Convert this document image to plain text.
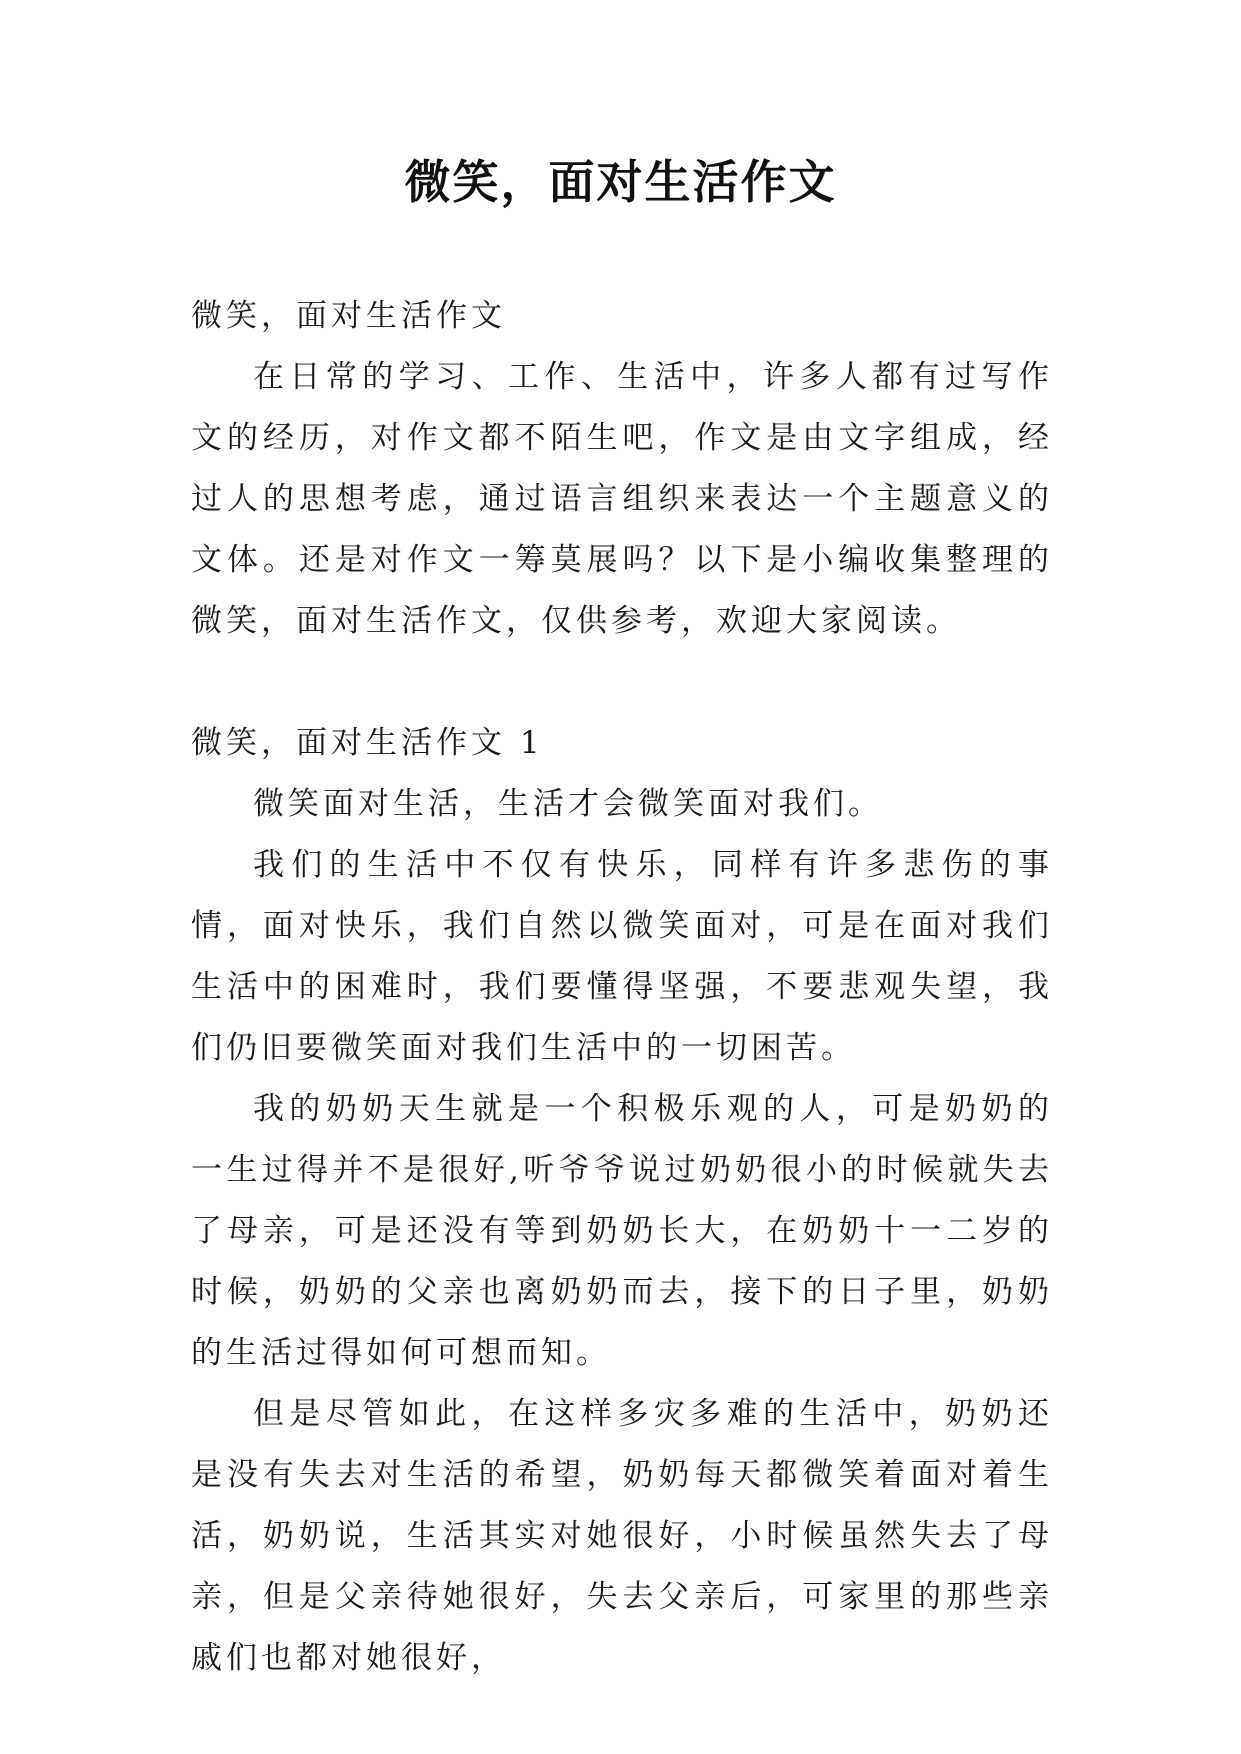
微笑，面对生活作文

微笑，面对生活作文

在日常的学习、工作、生活中，许多人都有过写作文的经历，对作文都不陌生吧，作文是由文字组成，经过人的思想考虑，通过语言组织来表达一个主题意义的文体。还是对作文一筹莫展吗？以下是小编收集整理的微笑，面对生活作文，仅供参考，欢迎大家阅读。

微笑，面对生活作文 1

微笑面对生活，生活才会微笑面对我们。

我们的生活中不仅有快乐，同样有许多悲伤的事情，面对快乐，我们自然以微笑面对，可是在面对我们生活中的困难时，我们要懂得坚强，不要悲观失望，我们仍旧要微笑面对我们生活中的一切困苦。

我的奶奶天生就是一个积极乐观的人，可是奶奶的一生过得并不是很好,听爷爷说过奶奶很小的时候就失去了母亲，可是还没有等到奶奶长大，在奶奶十一二岁的时候，奶奶的父亲也离奶奶而去，接下的日子里，奶奶的生活过得如何可想而知。

但是尽管如此，在这样多灾多难的生活中，奶奶还是没有失去对生活的希望，奶奶每天都微笑着面对着生活，奶奶说，生活其实对她很好，小时候虽然失去了母亲，但是父亲待她很好，失去父亲后，可家里的那些亲戚们也都对她很好，
